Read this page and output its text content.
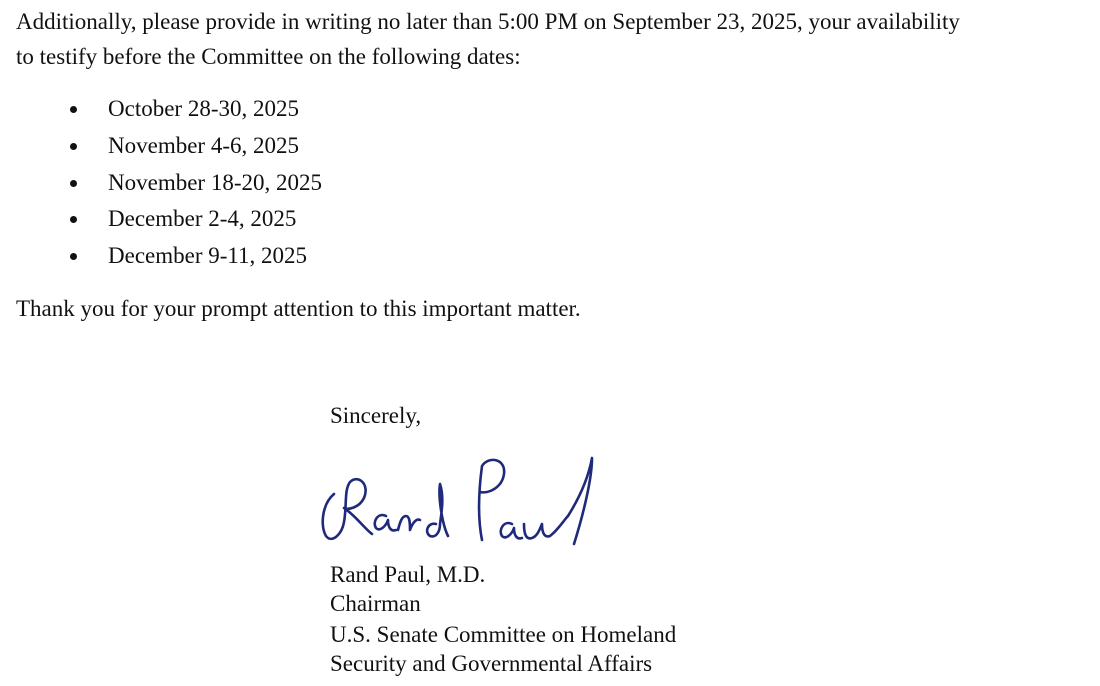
Additionally, please provide in writing no later than 5:00 PM on September 23, 2025, your availability
to testify before the Committee on the following dates:
October 28-30, 2025
November 4-6, 2025
November 18-20, 2025
December 2-4, 2025
December 9-11, 2025
Thank you for your prompt attention to this important matter.
Sincerely,
Rand Paul, M.D.
Chairman
U.S. Senate Committee on Homeland
Security and Governmental Affairs
